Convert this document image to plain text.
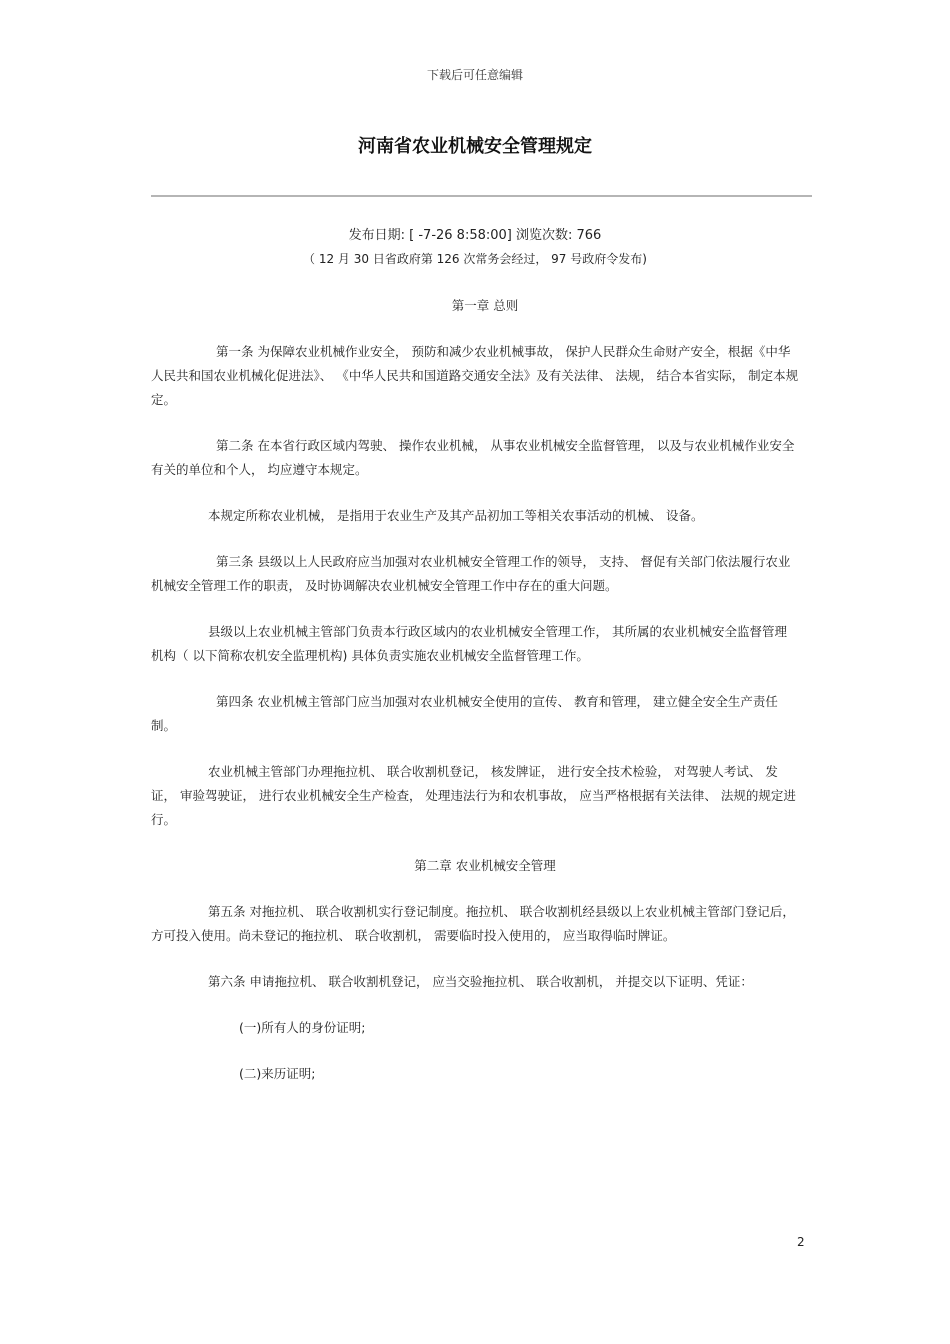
下载后可任意编辑
河南省农业机械安全管理规定
发布日期: [ -7-26 8:58:00] 浏览次数: 766
（ 12 月 30 日省政府第 126 次常务会经过， 97 号政府令发布)

第一章 总则

第一条 为保障农业机械作业安全， 预防和减少农业机械事故， 保护人民群众生命财产安全，根据《中华人民共和国农业机械化促进法》、 《中华人民共和国道路交通安全法》及有关法律、 法规， 结合本省实际， 制定本规定。

第二条 在本省行政区域内驾驶、 操作农业机械， 从事农业机械安全监督管理， 以及与农业机械作业安全有关的单位和个人， 均应遵守本规定。

本规定所称农业机械， 是指用于农业生产及其产品初加工等相关农事活动的机械、 设备。

第三条 县级以上人民政府应当加强对农业机械安全管理工作的领导， 支持、 督促有关部门依法履行农业机械安全管理工作的职责， 及时协调解决农业机械安全管理工作中存在的重大问题。

县级以上农业机械主管部门负责本行政区域内的农业机械安全管理工作， 其所属的农业机械安全监督管理机构（ 以下简称农机安全监理机构) 具体负责实施农业机械安全监督管理工作。

第四条 农业机械主管部门应当加强对农业机械安全使用的宣传、 教育和管理， 建立健全安全生产责任制。

农业机械主管部门办理拖拉机、 联合收割机登记， 核发牌证， 进行安全技术检验， 对驾驶人考试、 发证， 审验驾驶证， 进行农业机械安全生产检查， 处理违法行为和农机事故， 应当严格根据有关法律、 法规的规定进行。

第二章 农业机械安全管理

第五条 对拖拉机、 联合收割机实行登记制度。拖拉机、 联合收割机经县级以上农业机械主管部门登记后， 方可投入使用。尚未登记的拖拉机、 联合收割机， 需要临时投入使用的， 应当取得临时牌证。

第六条 申请拖拉机、 联合收割机登记， 应当交验拖拉机、 联合收割机， 并提交以下证明、凭证：

(一)所有人的身份证明;

(二)来历证明;

2
